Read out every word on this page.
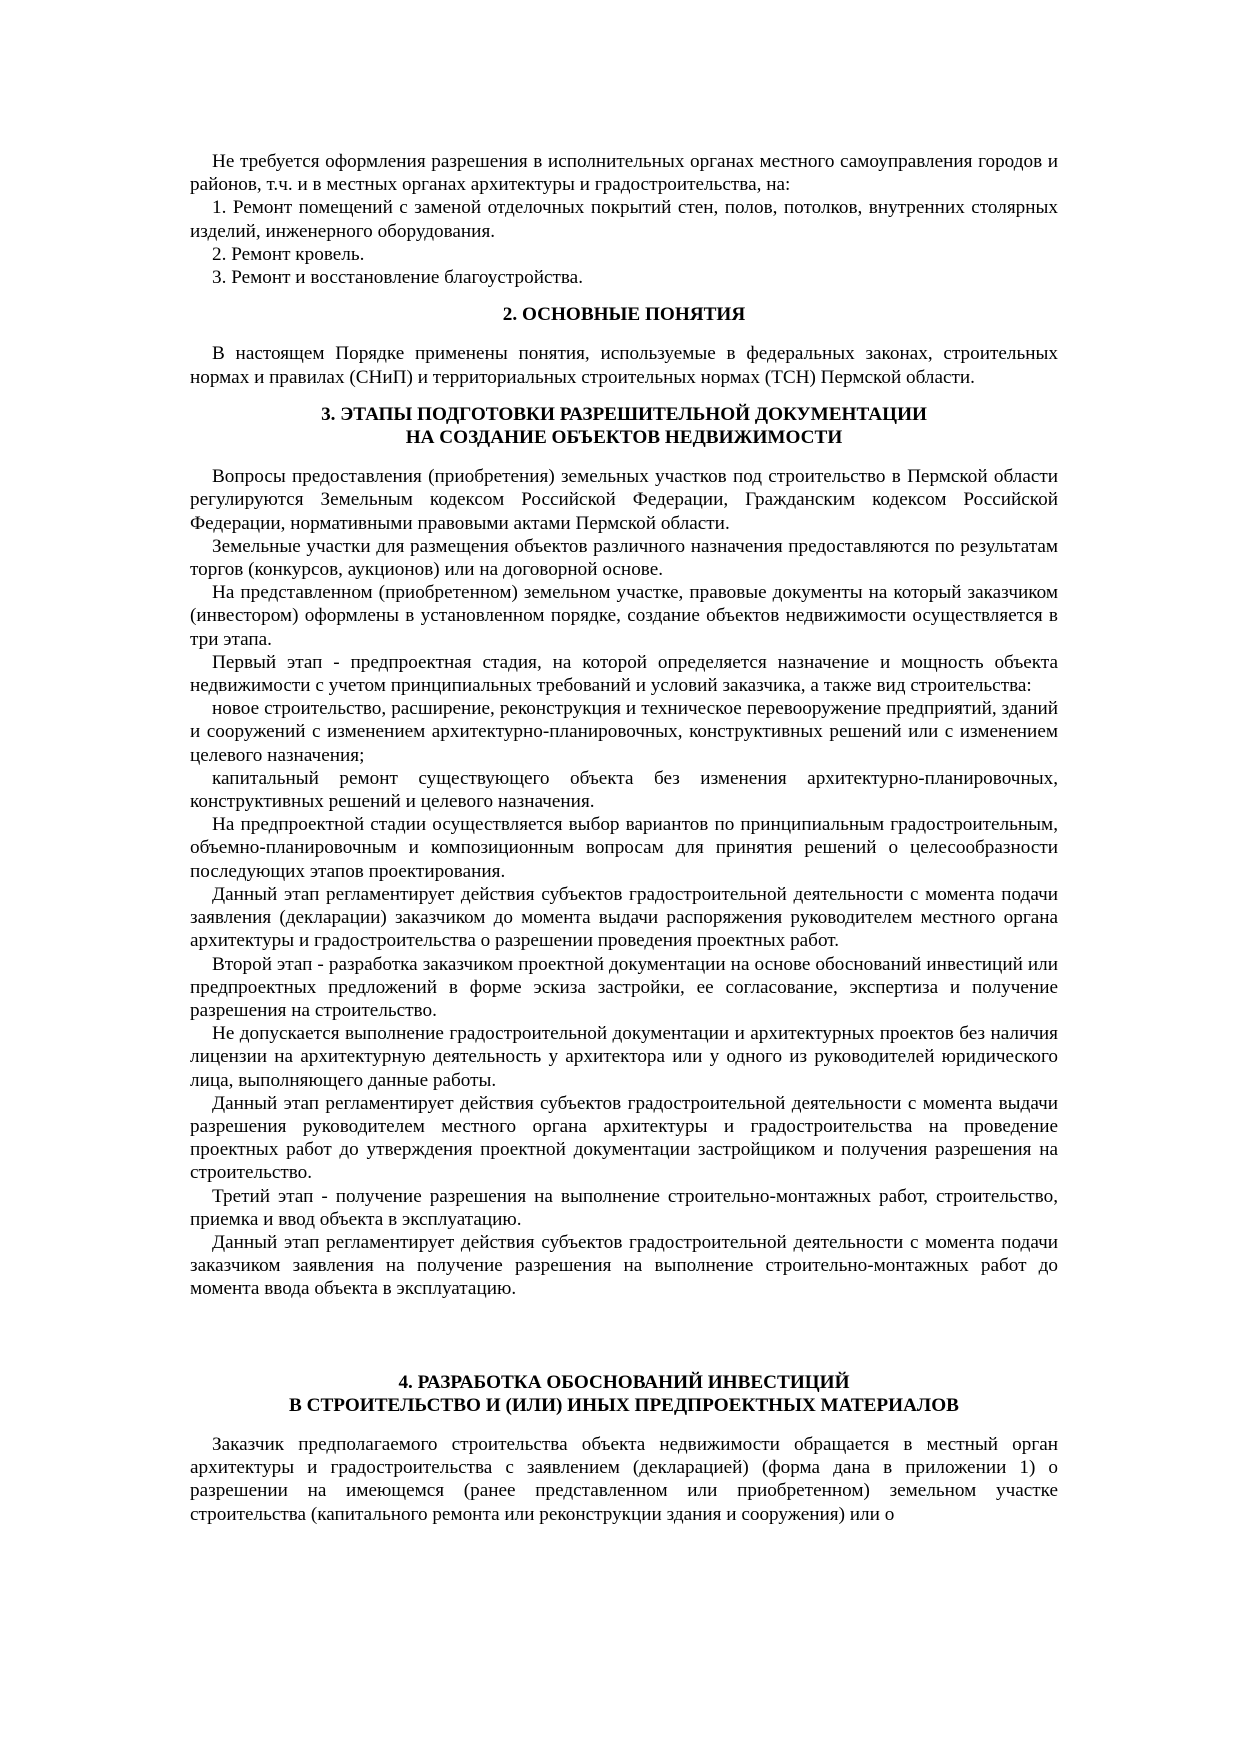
Не требуется оформления разрешения в исполнительных органах местного самоуправления городов и районов, т.ч. и в местных органах архитектуры и градостроительства, на:

1. Ремонт помещений с заменой отделочных покрытий стен, полов, потолков, внутренних столярных изделий, инженерного оборудования.

2. Ремонт кровель.

3. Ремонт и восстановление благоустройства.

2. ОСНОВНЫЕ ПОНЯТИЯ

В настоящем Порядке применены понятия, используемые в федеральных законах, строительных нормах и правилах (СНиП) и территориальных строительных нормах (ТСН) Пермской области.

3. ЭТАПЫ ПОДГОТОВКИ РАЗРЕШИТЕЛЬНОЙ ДОКУМЕНТАЦИИ
НА СОЗДАНИЕ ОБЪЕКТОВ НЕДВИЖИМОСТИ

Вопросы предоставления (приобретения) земельных участков под строительство в Пермской области регулируются Земельным кодексом Российской Федерации, Гражданским кодексом Российской Федерации, нормативными правовыми актами Пермской области.

Земельные участки для размещения объектов различного назначения предоставляются по результатам торгов (конкурсов, аукционов) или на договорной основе.

На представленном (приобретенном) земельном участке, правовые документы на который заказчиком (инвестором) оформлены в установленном порядке, создание объектов недвижимости осуществляется в три этапа.

Первый этап - предпроектная стадия, на которой определяется назначение и мощность объекта недвижимости с учетом принципиальных требований и условий заказчика, а также вид строительства:

новое строительство, расширение, реконструкция и техническое перевооружение предприятий, зданий и сооружений с изменением архитектурно-планировочных, конструктивных решений или с изменением целевого назначения;

капитальный ремонт существующего объекта без изменения архитектурно-планировочных, конструктивных решений и целевого назначения.

На предпроектной стадии осуществляется выбор вариантов по принципиальным градостроительным, объемно-планировочным и композиционным вопросам для принятия решений о целесообразности последующих этапов проектирования.

Данный этап регламентирует действия субъектов градостроительной деятельности с момента подачи заявления (декларации) заказчиком до момента выдачи распоряжения руководителем местного органа архитектуры и градостроительства о разрешении проведения проектных работ.

Второй этап - разработка заказчиком проектной документации на основе обоснований инвестиций или предпроектных предложений в форме эскиза застройки, ее согласование, экспертиза и получение разрешения на строительство.

Не допускается выполнение градостроительной документации и архитектурных проектов без наличия лицензии на архитектурную деятельность у архитектора или у одного из руководителей юридического лица, выполняющего данные работы.

Данный этап регламентирует действия субъектов градостроительной деятельности с момента выдачи разрешения руководителем местного органа архитектуры и градостроительства на проведение проектных работ до утверждения проектной документации застройщиком и получения разрешения на строительство.

Третий этап - получение разрешения на выполнение строительно-монтажных работ, строительство, приемка и ввод объекта в эксплуатацию.

Данный этап регламентирует действия субъектов градостроительной деятельности с момента подачи заказчиком заявления на получение разрешения на выполнение строительно-монтажных работ до момента ввода объекта в эксплуатацию.

4. РАЗРАБОТКА ОБОСНОВАНИЙ ИНВЕСТИЦИЙ
В СТРОИТЕЛЬСТВО И (ИЛИ) ИНЫХ ПРЕДПРОЕКТНЫХ МАТЕРИАЛОВ

Заказчик предполагаемого строительства объекта недвижимости обращается в местный орган архитектуры и градостроительства с заявлением (декларацией) (форма дана в приложении 1) о разрешении на имеющемся (ранее представленном или приобретенном) земельном участке строительства (капитального ремонта или реконструкции здания и сооружения) или о
